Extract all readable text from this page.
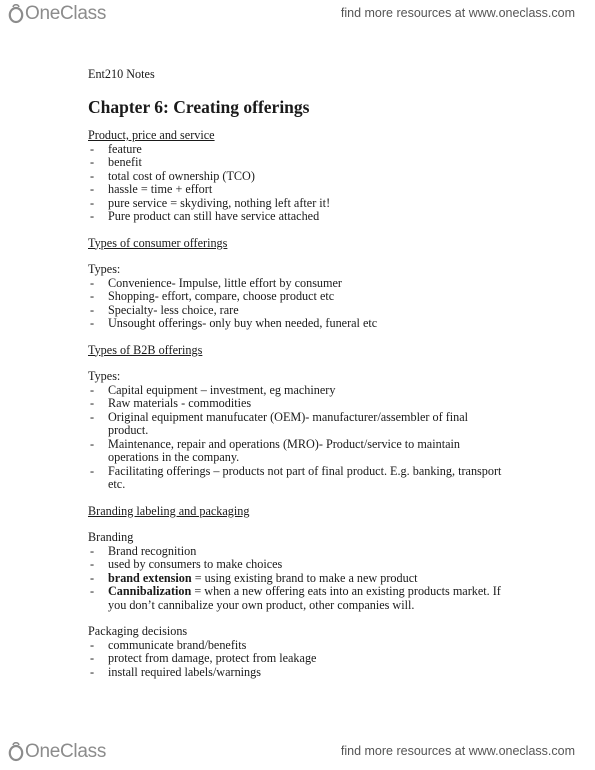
OneClass	find more resources at www.oneclass.com

Ent210 Notes

Chapter 6: Creating offerings

Product, price and service

- feature
- benefit
- total cost of ownership (TCO)
- hassle = time + effort
- pure service = skydiving, nothing left after it!
- Pure product can still have service attached

Types of consumer offerings

Types:

- Convenience- Impulse, little effort by consumer
- Shopping- effort, compare, choose product etc
- Specialty- less choice, rare
- Unsought offerings- only buy when needed, funeral etc

Types of B2B offerings

Types:

- Capital equipment – investment, eg machinery
- Raw materials - commodities
- Original equipment manufucater (OEM)- manufacturer/assembler of final product.
- Maintenance, repair and operations (MRO)- Product/service to maintain operations in the company.
- Facilitating offerings – products not part of final product. E.g. banking, transport etc.

Branding labeling and packaging

Branding

- Brand recognition
- used by consumers to make choices
- brand extension = using existing brand to make a new product
- Cannibalization = when a new offering eats into an existing products market. If you don’t cannibalize your own product, other companies will.

Packaging decisions

- communicate brand/benefits
- protect from damage, protect from leakage
- install required labels/warnings
OneClass	find more resources at www.oneclass.com
